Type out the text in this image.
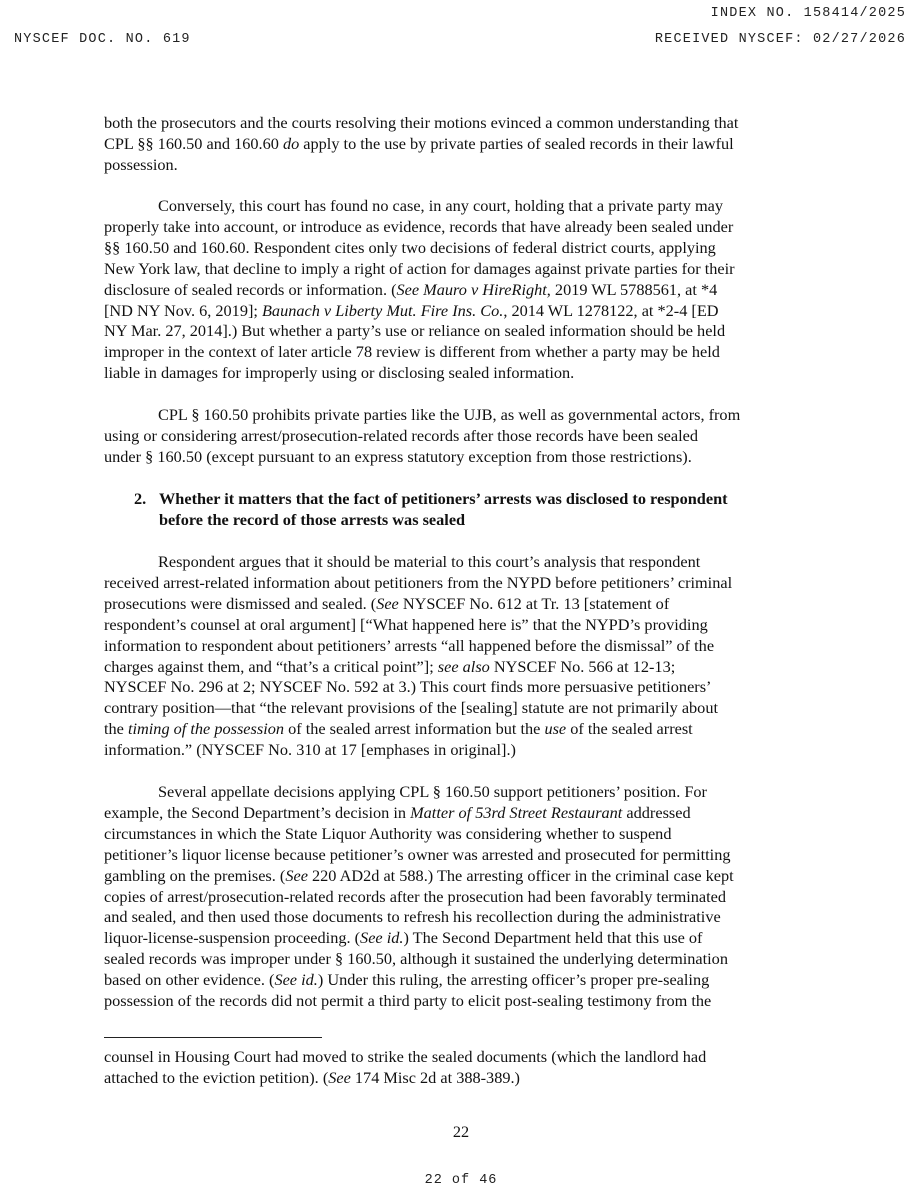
INDEX NO. 158414/2025
NYSCEF DOC. NO. 619	RECEIVED NYSCEF: 02/27/2026
both the prosecutors and the courts resolving their motions evinced a common understanding that
CPL §§ 160.50 and 160.60 do apply to the use by private parties of sealed records in their lawful
possession.
Conversely, this court has found no case, in any court, holding that a private party may
properly take into account, or introduce as evidence, records that have already been sealed under
§§ 160.50 and 160.60. Respondent cites only two decisions of federal district courts, applying
New York law, that decline to imply a right of action for damages against private parties for their
disclosure of sealed records or information. (See Mauro v HireRight, 2019 WL 5788561, at *4
[ND NY Nov. 6, 2019]; Baunach v Liberty Mut. Fire Ins. Co., 2014 WL 1278122, at *2-4 [ED
NY Mar. 27, 2014].) But whether a party’s use or reliance on sealed information should be held
improper in the context of later article 78 review is different from whether a party may be held
liable in damages for improperly using or disclosing sealed information.
CPL § 160.50 prohibits private parties like the UJB, as well as governmental actors, from
using or considering arrest/prosecution-related records after those records have been sealed
under § 160.50 (except pursuant to an express statutory exception from those restrictions).
2. Whether it matters that the fact of petitioners’ arrests was disclosed to respondent
before the record of those arrests was sealed
Respondent argues that it should be material to this court’s analysis that respondent
received arrest-related information about petitioners from the NYPD before petitioners’ criminal
prosecutions were dismissed and sealed. (See NYSCEF No. 612 at Tr. 13 [statement of
respondent’s counsel at oral argument] [“What happened here is” that the NYPD’s providing
information to respondent about petitioners’ arrests “all happened before the dismissal” of the
charges against them, and “that’s a critical point”]; see also NYSCEF No. 566 at 12-13;
NYSCEF No. 296 at 2; NYSCEF No. 592 at 3.) This court finds more persuasive petitioners’
contrary position—that “the relevant provisions of the [sealing] statute are not primarily about
the timing of the possession of the sealed arrest information but the use of the sealed arrest
information.” (NYSCEF No. 310 at 17 [emphases in original].)
Several appellate decisions applying CPL § 160.50 support petitioners’ position. For
example, the Second Department’s decision in Matter of 53rd Street Restaurant addressed
circumstances in which the State Liquor Authority was considering whether to suspend
petitioner’s liquor license because petitioner’s owner was arrested and prosecuted for permitting
gambling on the premises. (See 220 AD2d at 588.) The arresting officer in the criminal case kept
copies of arrest/prosecution-related records after the prosecution had been favorably terminated
and sealed, and then used those documents to refresh his recollection during the administrative
liquor-license-suspension proceeding. (See id.) The Second Department held that this use of
sealed records was improper under § 160.50, although it sustained the underlying determination
based on other evidence. (See id.) Under this ruling, the arresting officer’s proper pre-sealing
possession of the records did not permit a third party to elicit post-sealing testimony from the
counsel in Housing Court had moved to strike the sealed documents (which the landlord had
attached to the eviction petition). (See 174 Misc 2d at 388-389.)
22
22 of 46
